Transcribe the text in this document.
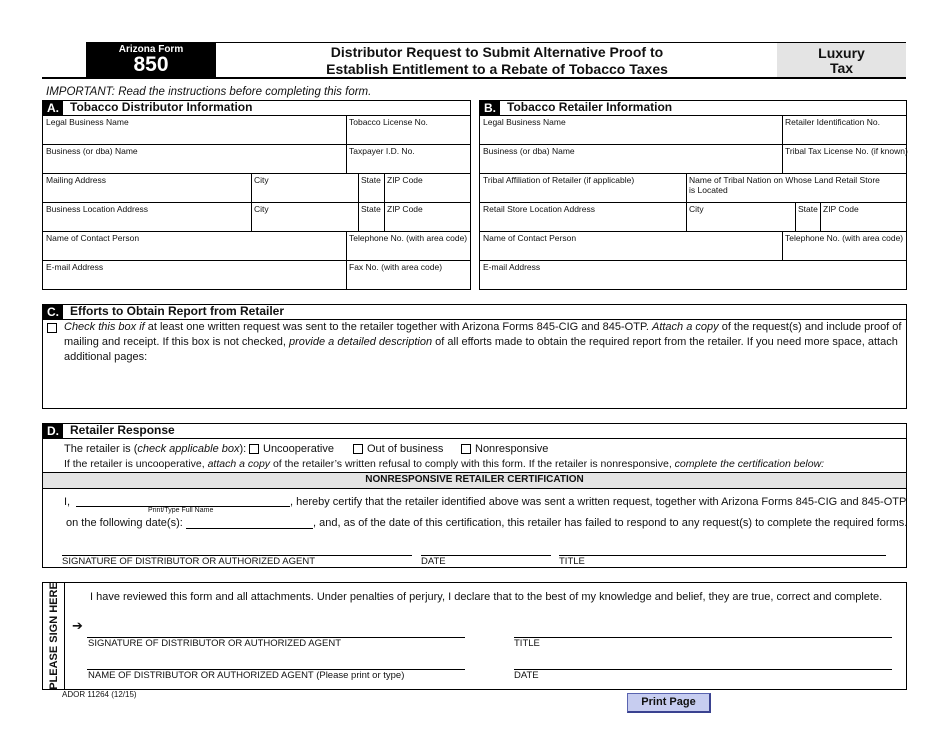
Arizona Form
850
Distributor Request to Submit Alternative Proof to
Establish Entitlement to a Rebate of Tobacco Taxes
Luxury
Tax
IMPORTANT: Read the instructions before completing this form.
A. Tobacco Distributor Information
Legal Business Name	Tobacco License No.
Business (or dba) Name	Taxpayer I.D. No.
Mailing Address	City	State ZIP Code
Business Location Address	City	State ZIP Code
Name of Contact Person	Telephone No. (with area code)
E-mail Address	Fax No. (with area code)
B. Tobacco Retailer Information
Legal Business Name	Retailer Identification No.
Business (or dba) Name	Tribal Tax License No. (if known)
Tribal Affiliation of Retailer (if applicable)	Name of Tribal Nation on Whose Land Retail Store
is Located
Retail Store Location Address	City	State ZIP Code
Name of Contact Person	Telephone No. (with area code)
E-mail Address
C. Efforts to Obtain Report from Retailer
Check this box if at least one written request was sent to the retailer together with Arizona Forms 845-CIG and 845-OTP. Attach a copy of the request(s) and include proof of
mailing and receipt. If this box is not checked, provide a detailed description of all efforts made to obtain the required report from the retailer. If you need more space, attach
additional pages:
D. Retailer Response
The retailer is (check applicable box): Uncooperative	Out of business	Nonresponsive
If the retailer is uncooperative, attach a copy of the retailer’s written refusal to comply with this form. If the retailer is nonresponsive, complete the certification below:
NONRESPONSIVE RETAILER CERTIFICATION
I,
Print/Type Full Name
, hereby certify that the retailer identified above was sent a written request, together with Arizona Forms 845-CIG and 845-OTP,
on the following date(s):	, and, as of the date of this certification, this retailer has failed to respond to any request(s) to complete the required forms.
SIGNATURE OF DISTRIBUTOR OR AUTHORIZED AGENT	DATE	TITLE
PLEASE SIGN HERE	I have reviewed this form and all attachments. Under penalties of perjury, I declare that to the best of my knowledge and belief, they are true, correct and complete.
➔
SIGNATURE OF DISTRIBUTOR OR AUTHORIZED AGENT	TITLE
NAME OF DISTRIBUTOR OR AUTHORIZED AGENT (Please print or type)	DATE
ADOR 11264 (12/15)
Print Page
